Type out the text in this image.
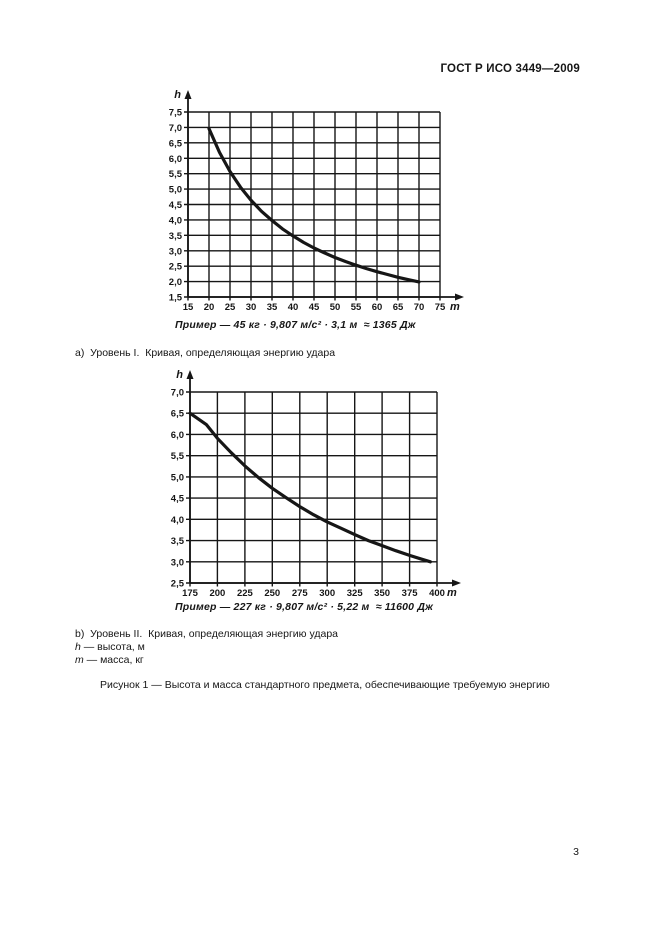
ГОСТ Р ИСО 3449—2009
15 20 25 30 35 40 45 50 55 60 65 70 75
1,5
2,0
2,5
3,0
3,5
4,0
4,5
5,0
5,5
6,0
6,5
7,0
7,5
h
m
Пример — 45 кг · 9,807 м/с² · 3,1 м  ≈ 1365 Дж
a)  Уровень I.  Кривая, определяющая энергию удара
175 200 225 250 275 300 325 350 375 400
2,5
3,0
3,5
4,0
4,5
5,0
5,5
6,0
6,5
7,0
h
m
Пример — 227 кг · 9,807 м/с² · 5,22 м  ≈ 11600 Дж
b)  Уровень II.  Кривая, определяющая энергию удара
h — высота, м
m — масса, кг
Рисунок 1 — Высота и масса стандартного предмета, обеспечивающие требуемую энергию
3
